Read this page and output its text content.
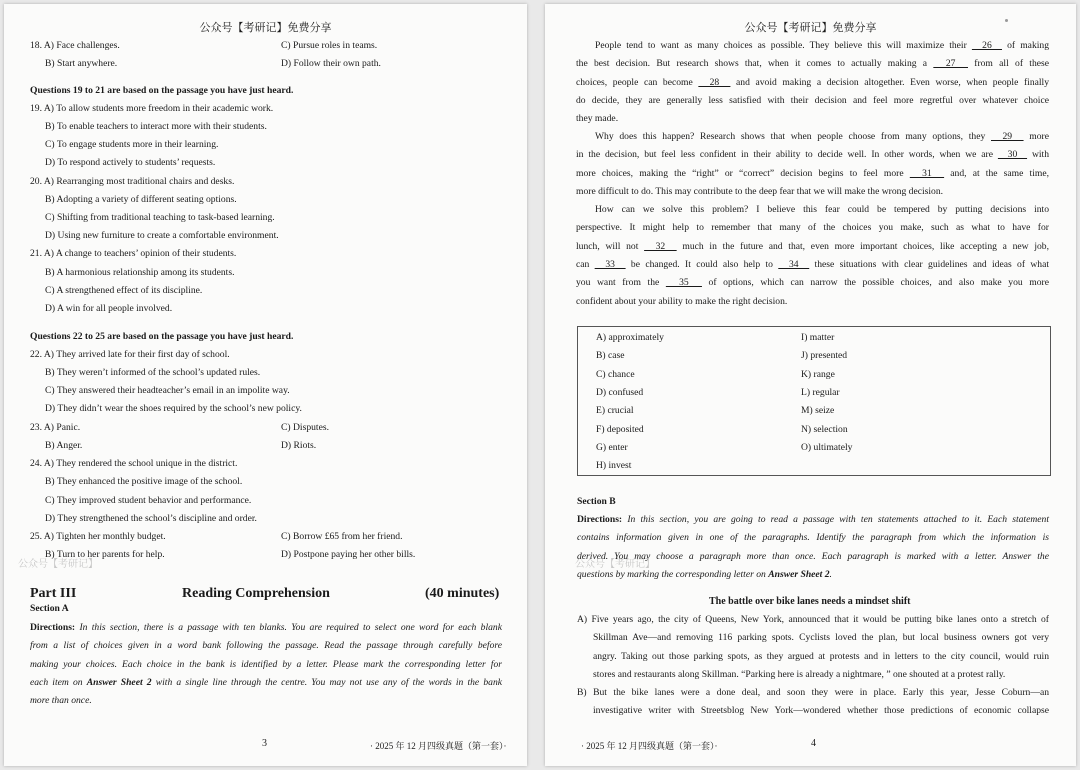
公众号【考研记】免费分享
18. A) Face challenges.	C) Pursue roles in teams.
B) Start anywhere.	D) Follow their own path.
Questions 19 to 21 are based on the passage you have just heard.
19. A) To allow students more freedom in their academic work.
B) To enable teachers to interact more with their students.
C) To engage students more in their learning.
D) To respond actively to students’ requests.
20. A) Rearranging most traditional chairs and desks.
B) Adopting a variety of different seating options.
C) Shifting from traditional teaching to task-based learning.
D) Using new furniture to create a comfortable environment.
21. A) A change to teachers’ opinion of their students.
B) A harmonious relationship among its students.
C) A strengthened effect of its discipline.
D) A win for all people involved.
Questions 22 to 25 are based on the passage you have just heard.
22. A) They arrived late for their first day of school.
B) They weren’t informed of the school’s updated rules.
C) They answered their headteacher’s email in an impolite way.
D) They didn’t wear the shoes required by the school’s new policy.
23. A) Panic.	C) Disputes.
B) Anger.	D) Riots.
24. A) They rendered the school unique in the district.
B) They enhanced the positive image of the school.
C) They improved student behavior and performance.
D) They strengthened the school’s discipline and order.
25. A) Tighten her monthly budget.	C) Borrow £65 from her friend.
B) Turn to her parents for help.	D) Postpone paying her other bills.
公众号【考研记】
Part III	Reading Comprehension	(40 minutes)
Section A
Directions: In this section, there is a passage with ten blanks. You are required to select one word for each blank
from a list of choices given in a word bank following the passage. Read the passage through carefully before
making your choices. Each choice in the bank is identified by a letter. Please mark the corresponding letter for
each item on Answer Sheet 2 with a single line through the centre. You may not use any of the words in the bank
more than once.
3	· 2025 年 12 月四级真题（第一套）·
公众号【考研记】免费分享
People tend to want as many choices as possible. They believe this will maximize their   26   of making
the best decision. But research shows that, when it comes to actually making a   27   from all of these
choices, people can become   28   and avoid making a decision altogether. Even worse, when people finally
do decide, they are generally less satisfied with their decision and feel more regretful over whatever choice
they made.
Why does this happen? Research shows that when people choose from many options, they   29   more
in the decision, but feel less confident in their ability to decide well. In other words, when we are   30   with
more choices, making the “right” or “correct” decision begins to feel more   31   and, at the same time,
more difficult to do. This may contribute to the deep fear that we will make the wrong decision.
How can we solve this problem? I believe this fear could be tempered by putting decisions into
perspective. It might help to remember that many of the choices you make, such as what to have for
lunch, will not   32   much in the future and that, even more important choices, like accepting a new job,
can   33   be changed. It could also help to   34   these situations with clear guidelines and ideas of what
you want from the   35   of options, which can narrow the possible choices, and also make you more
confident about your ability to make the right decision.
A) approximately
B) case
C) chance
D) confused
E) crucial
F) deposited
G) enter
H) invest
I) matter
J) presented
K) range
L) regular
M) seize
N) selection
O) ultimately
Section B
Directions: In this section, you are going to read a passage with ten statements attached to it. Each statement
contains information given in one of the paragraphs. Identify the paragraph from which the information is
derived. You may choose a paragraph more than once. Each paragraph is marked with a letter. Answer the
questions by marking the corresponding letter on Answer Sheet 2.
公众号【考研记】
The battle over bike lanes needs a mindset shift
A) Five years ago, the city of Queens, New York, announced that it would be putting bike lanes onto a stretch of
Skillman Ave—and removing 116 parking spots. Cyclists loved the plan, but local business owners got very
angry. Taking out those parking spots, as they argued at protests and in letters to the city council, would ruin
stores and restaurants along Skillman. “Parking here is already a nightmare, ” one shouted at a protest rally.
B) But the bike lanes were a done deal, and soon they were in place. Early this year, Jesse Coburn—an
investigative writer with Streetsblog New York—wondered whether those predictions of economic collapse
· 2025 年 12 月四级真题（第一套）·	4
